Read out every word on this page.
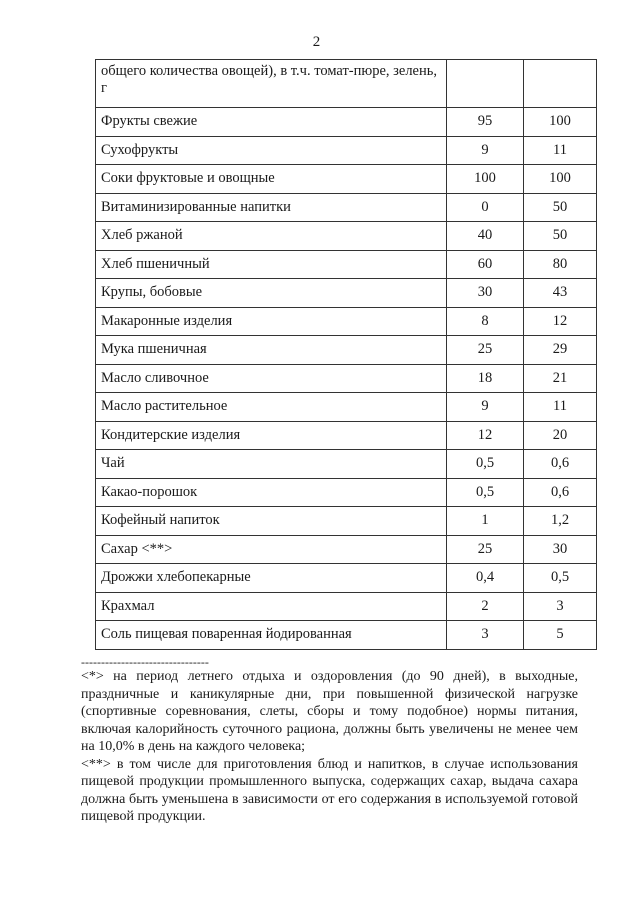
2
общего количества овощей), в т.ч. томат-пюре, зелень, г		
Фрукты свежие	95	100
Сухофрукты	9	11
Соки фруктовые и овощные	100	100
Витаминизированные напитки	0	50
Хлеб ржаной	40	50
Хлеб пшеничный	60	80
Крупы, бобовые	30	43
Макаронные изделия	8	12
Мука пшеничная	25	29
Масло сливочное	18	21
Масло растительное	9	11
Кондитерские изделия	12	20
Чай	0,5	0,6
Какао-порошок	0,5	0,6
Кофейный напиток	1	1,2
Сахар <**>	25	30
Дрожжи хлебопекарные	0,4	0,5
Крахмал	2	3
Соль пищевая поваренная йодированная	3	5
--------------------------------

<*> на период летнего отдыха и оздоровления (до 90 дней), в выходные, праздничные и каникулярные дни, при повышенной физической нагрузке (спортивные соревнования, слеты, сборы и тому подобное) нормы питания, включая калорийность суточного рациона, должны быть увеличены не менее чем на 10,0% в день на каждого человека;

<**> в том числе для приготовления блюд и напитков, в случае использования пищевой продукции промышленного выпуска, содержащих сахар, выдача сахара должна быть уменьшена в зависимости от его содержания в используемой готовой пищевой продукции.
